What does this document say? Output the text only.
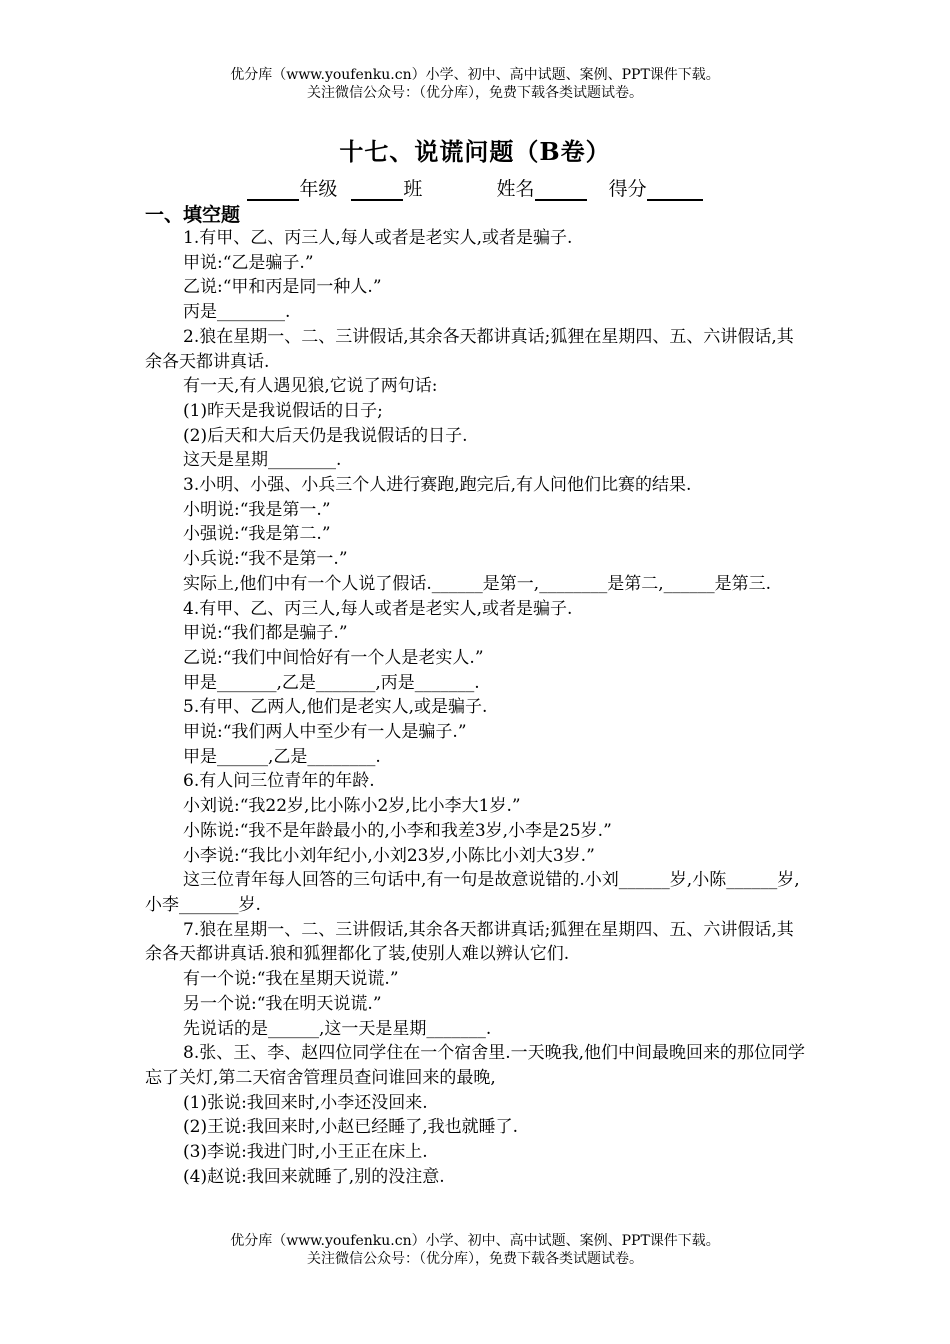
优分库（www.youfenku.cn）小学、初中、高中试题、案例、PPT课件下载。
关注微信公众号：（优分库），免费下载各类试题试卷。
十七、说谎问题（B卷）
年级	班	姓名	得分
一、填空题

1.有甲、乙、丙三人,每人或者是老实人,或者是骗子.

甲说:“乙是骗子.”

乙说:“甲和丙是同一种人.”

丙是________.

2.狼在星期一、二、三讲假话,其余各天都讲真话;狐狸在星期四、五、六讲假话,其余各天都讲真话.

有一天,有人遇见狼,它说了两句话:

(1)昨天是我说假话的日子;

(2)后天和大后天仍是我说假话的日子.

这天是星期________.

3.小明、小强、小兵三个人进行赛跑,跑完后,有人问他们比赛的结果.

小明说:“我是第一.”

小强说:“我是第二.”

小兵说:“我不是第一.”

实际上,他们中有一个人说了假话.______是第一,________是第二,______是第三.

4.有甲、乙、丙三人,每人或者是老实人,或者是骗子.

甲说:“我们都是骗子.”

乙说:“我们中间恰好有一个人是老实人.”

甲是_______,乙是_______,丙是_______.

5.有甲、乙两人,他们是老实人,或是骗子.

甲说:“我们两人中至少有一人是骗子.”

甲是______,乙是________.

6.有人问三位青年的年龄.

小刘说:“我22岁,比小陈小2岁,比小李大1岁.”

小陈说:“我不是年龄最小的,小李和我差3岁,小李是25岁.”

小李说:“我比小刘年纪小,小刘23岁,小陈比小刘大3岁.”

这三位青年每人回答的三句话中,有一句是故意说错的.小刘______岁,小陈______岁,小李_______岁.

7.狼在星期一、二、三讲假话,其余各天都讲真话;狐狸在星期四、五、六讲假话,其余各天都讲真话.狼和狐狸都化了装,使别人难以辨认它们.

有一个说:“我在星期天说谎.”

另一个说:“我在明天说谎.”

先说话的是______,这一天是星期_______.

8.张、王、李、赵四位同学住在一个宿舍里.一天晚我,他们中间最晚回来的那位同学忘了关灯,第二天宿舍管理员查问谁回来的最晚,

(1)张说:我回来时,小李还没回来.

(2)王说:我回来时,小赵已经睡了,我也就睡了.

(3)李说:我进门时,小王正在床上.

(4)赵说:我回来就睡了,别的没注意.

优分库（www.youfenku.cn）小学、初中、高中试题、案例、PPT课件下载。
关注微信公众号：（优分库），免费下载各类试题试卷。
